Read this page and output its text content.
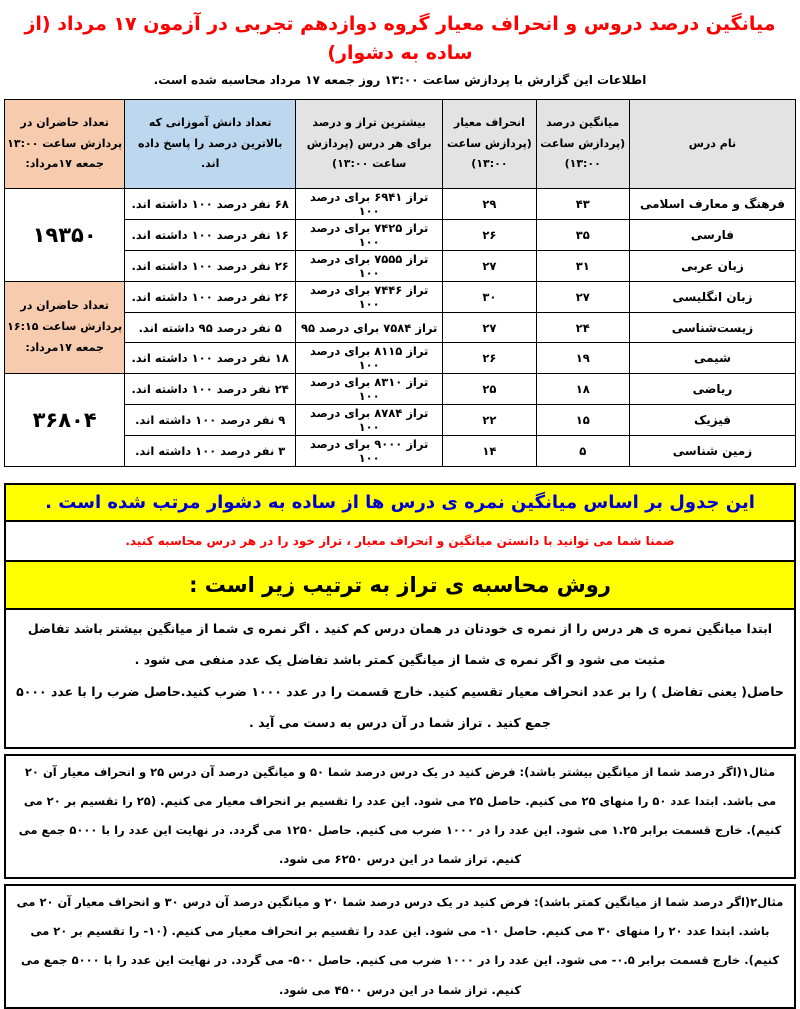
میانگین درصد دروس و انحراف معیار گروه دوازدهم تجربی در آزمون ۱۷ مرداد (از ساده به دشوار)
اطلاعات این گزارش با پردازش ساعت ۱۳:۰۰ روز جمعه ۱۷ مرداد محاسبه شده است.
نام درس	میانگین درصد (پردازش ساعت ۱۳:۰۰)	انحراف معیار (پردازش ساعت ۱۳:۰۰)	بیشترین تراز و درصد برای هر درس (پردازش ساعت ۱۳:۰۰)	تعداد دانش آموزانی که بالاترین درصد را پاسخ داده اند.	تعداد حاضران در پردازش ساعت ۱۳:۰۰ جمعه ۱۷مرداد:
فرهنگ و معارف اسلامی	۴۳	۲۹	تراز ۶۹۴۱ برای درصد ۱۰۰	۶۸ نفر درصد ۱۰۰ داشته اند.	۱۹۳۵۰
فارسی	۳۵	۲۶	تراز ۷۴۲۵ برای درصد ۱۰۰	۱۶ نفر درصد ۱۰۰ داشته اند.	
زبان عربی	۳۱	۲۷	تراز ۷۵۵۵ برای درصد ۱۰۰	۲۶ نفر درصد ۱۰۰ داشته اند.	
زبان انگلیسی	۲۷	۳۰	تراز ۷۴۴۶ برای درصد ۱۰۰	۲۶ نفر درصد ۱۰۰ داشته اند.	تعداد حاضران در پردازش ساعت ۱۶:۱۵ جمعه ۱۷مرداد:
زیست‌شناسی	۲۴	۲۷	تراز ۷۵۸۴ برای درصد ۹۵	۵ نفر درصد ۹۵ داشته اند.	
شیمی	۱۹	۲۶	تراز ۸۱۱۵ برای درصد ۱۰۰	۱۸ نفر درصد ۱۰۰ داشته اند.	
ریاضی	۱۸	۲۵	تراز ۸۳۱۰ برای درصد ۱۰۰	۲۴ نفر درصد ۱۰۰ داشته اند.	۳۶۸۰۴
فیزیک	۱۵	۲۲	تراز ۸۷۸۴ برای درصد ۱۰۰	۹ نفر درصد ۱۰۰ داشته اند.	
زمین شناسی	۵	۱۴	تراز ۹۰۰۰ برای درصد ۱۰۰	۳ نفر درصد ۱۰۰ داشته اند.	
این جدول بر اساس میانگین نمره ی درس ها از ساده به دشوار مرتب شده است .
ضمنا شما می توانید با دانستن میانگین و انحراف معیار ، تراز خود را در هر درس محاسبه کنید.
روش محاسبه ی تراز به ترتیب زیر است :

ابتدا میانگین نمره ی هر درس را از نمره ی خودتان در همان درس کم کنید . اگر نمره ی شما از میانگین بیشتر باشد تفاضل مثبت می شود و اگر نمره ی شما از میانگین کمتر باشد تفاضل یک عدد منفی می شود .

حاصل( یعنی تفاضل ) را بر عدد انحراف معیار تقسیم کنید. خارج قسمت را در عدد ۱۰۰۰ ضرب کنید.حاصل ضرب را با عدد ۵۰۰۰ جمع کنید . تراز شما در آن درس به دست می آید .

مثال۱(اگر درصد شما از میانگین بیشتر باشد): فرض کنید در یک درس درصد شما ۵۰ و میانگین درصد آن درس ۲۵ و انحراف معیار آن ۲۰ می باشد. ابتدا عدد ۵۰ را منهای ۲۵ می کنیم. حاصل ۲۵ می شود. این عدد را تقسیم بر انحراف معیار می کنیم. (۲۵ را تقسیم بر ۲۰ می کنیم). خارج قسمت برابر ۱.۲۵ می شود. این عدد را در ۱۰۰۰ ضرب می کنیم. حاصل ۱۲۵۰ می گردد. در نهایت این عدد را با ۵۰۰۰ جمع می کنیم. تراز شما در این درس ۶۲۵۰ می شود.
مثال۲(اگر درصد شما از میانگین کمتر باشد): فرض کنید در یک درس درصد شما ۲۰ و میانگین درصد آن درس ۳۰ و انحراف معیار آن ۲۰ می باشد. ابتدا عدد ۲۰ را منهای ۳۰ می کنیم. حاصل ۱۰- می شود. این عدد را تقسیم بر انحراف معیار می کنیم. (۱۰- را تقسیم بر ۲۰ می کنیم). خارج قسمت برابر ۰.۵- می شود. این عدد را در ۱۰۰۰ ضرب می کنیم. حاصل ۵۰۰- می گردد. در نهایت این عدد را با ۵۰۰۰ جمع می کنیم. تراز شما در این درس ۴۵۰۰ می شود.
